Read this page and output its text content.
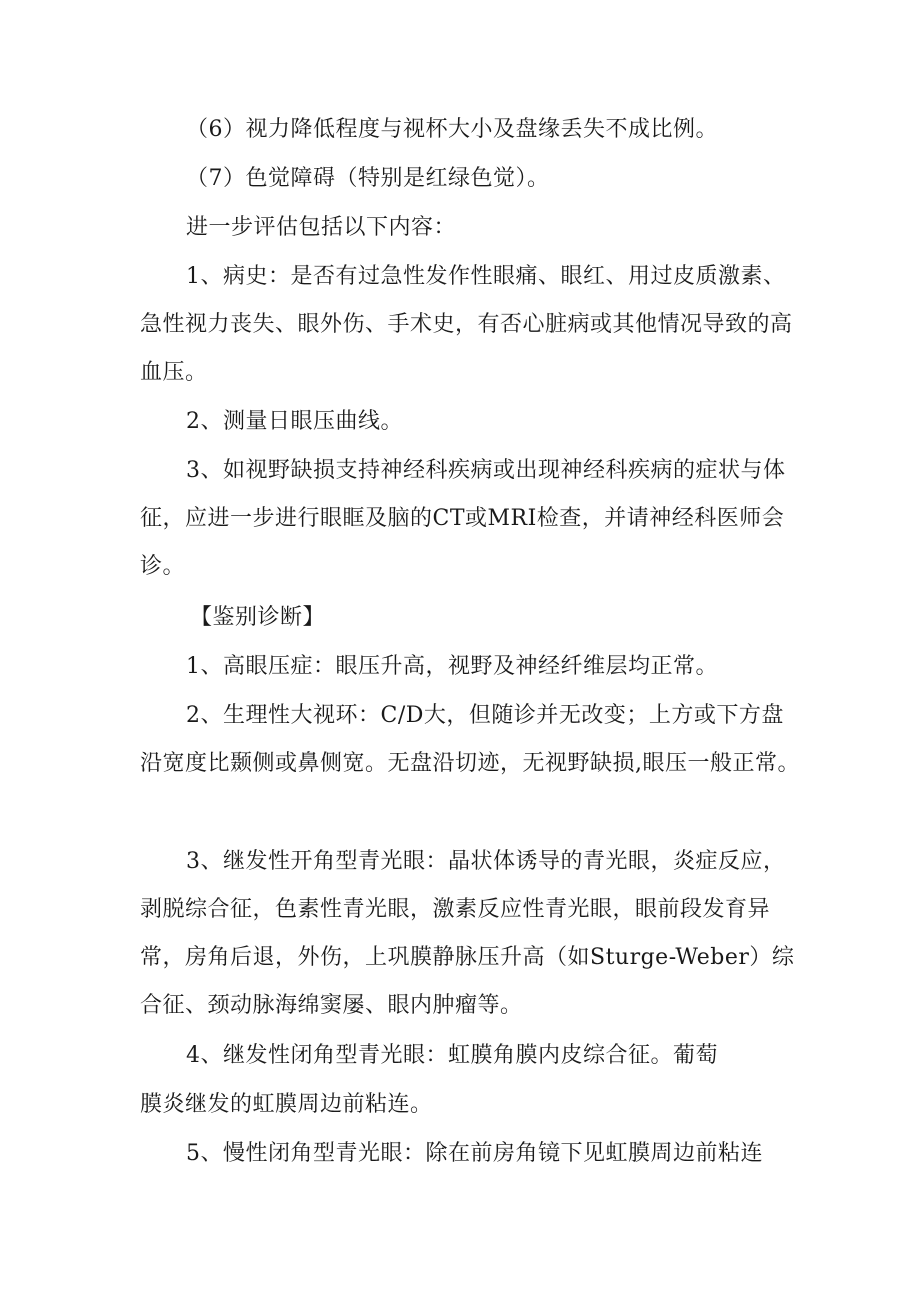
（6）视力降低程度与视杯大小及盘缘丢失不成比例。

（7）色觉障碍（特别是红绿色觉）。

进一步评估包括以下内容：

1、病史：是否有过急性发作性眼痛、眼红、用过皮质激素、急性视力丧失、眼外伤、手术史，有否心脏病或其他情况导致的高血压。

2、测量日眼压曲线。

3、如视野缺损支持神经科疾病或出现神经科疾病的症状与体征，应进一步进行眼眶及脑的CT或MRI检查，并请神经科医师会诊。

【鉴别诊断】

1、高眼压症：眼压升高，视野及神经纤维层均正常。

2、生理性大视环：C/D大，但随诊并无改变；上方或下方盘沿宽度比颞侧或鼻侧宽。无盘沿切迹，无视野缺损,眼压一般正常。

3、继发性开角型青光眼：晶状体诱导的青光眼，炎症反应，剥脱综合征，色素性青光眼，激素反应性青光眼，眼前段发育异常，房角后退，外伤，上巩膜静脉压升高（如Sturge-Weber）综合征、颈动脉海绵窦屡、眼内肿瘤等。

4、继发性闭角型青光眼：虹膜角膜内皮综合征。葡萄

膜炎继发的虹膜周边前粘连。

5、慢性闭角型青光眼：除在前房角镜下见虹膜周边前粘连
